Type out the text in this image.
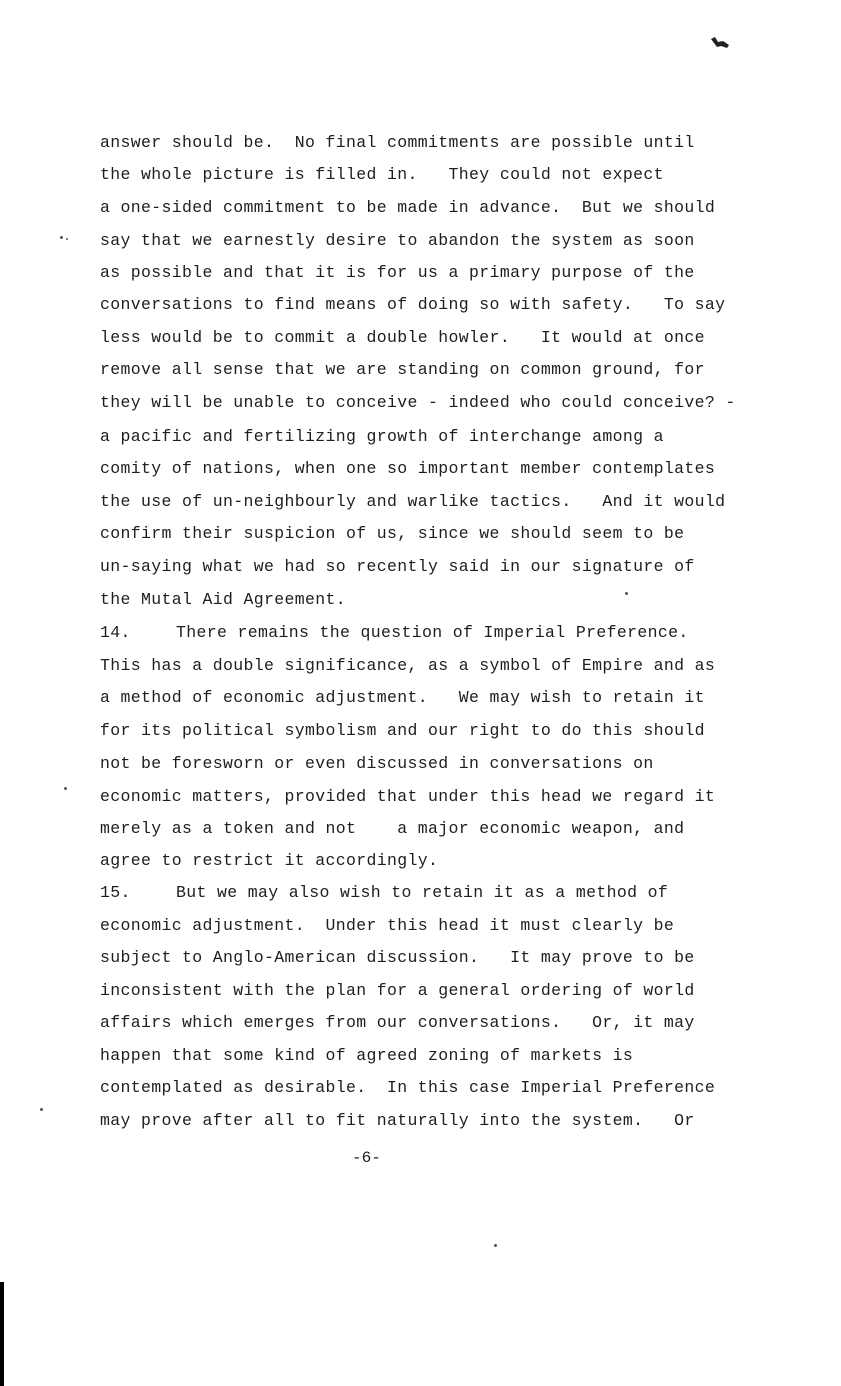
answer should be.  No final commitments are possible until
the whole picture is filled in.   They could not expect
a one-sided commitment to be made in advance.  But we should
say that we earnestly desire to abandon the system as soon
as possible and that it is for us a primary purpose of the
conversations to find means of doing so with safety.   To say
less would be to commit a double howler.   It would at once
remove all sense that we are standing on common ground, for
they will be unable to conceive - indeed who could conceive? -
a pacific and fertilizing growth of interchange among a
comity of nations, when one so important member contemplates
the use of un-neighbourly and warlike tactics.   And it would
confirm their suspicion of us, since we should seem to be
un-saying what we had so recently said in our signature of
the Mutal Aid Agreement.
14.	There remains the question of Imperial Preference.
This has a double significance, as a symbol of Empire and as
a method of economic adjustment.   We may wish to retain it
for its political symbolism and our right to do this should
not be foresworn or even discussed in conversations on
economic matters, provided that under this head we regard it
merely as a token and not    a major economic weapon, and
agree to restrict it accordingly.
15.	But we may also wish to retain it as a method of
economic adjustment.  Under this head it must clearly be
subject to Anglo-American discussion.   It may prove to be
inconsistent with the plan for a general ordering of world
affairs which emerges from our conversations.   Or, it may
happen that some kind of agreed zoning of markets is
contemplated as desirable.  In this case Imperial Preference
may prove after all to fit naturally into the system.   Or
-6-
